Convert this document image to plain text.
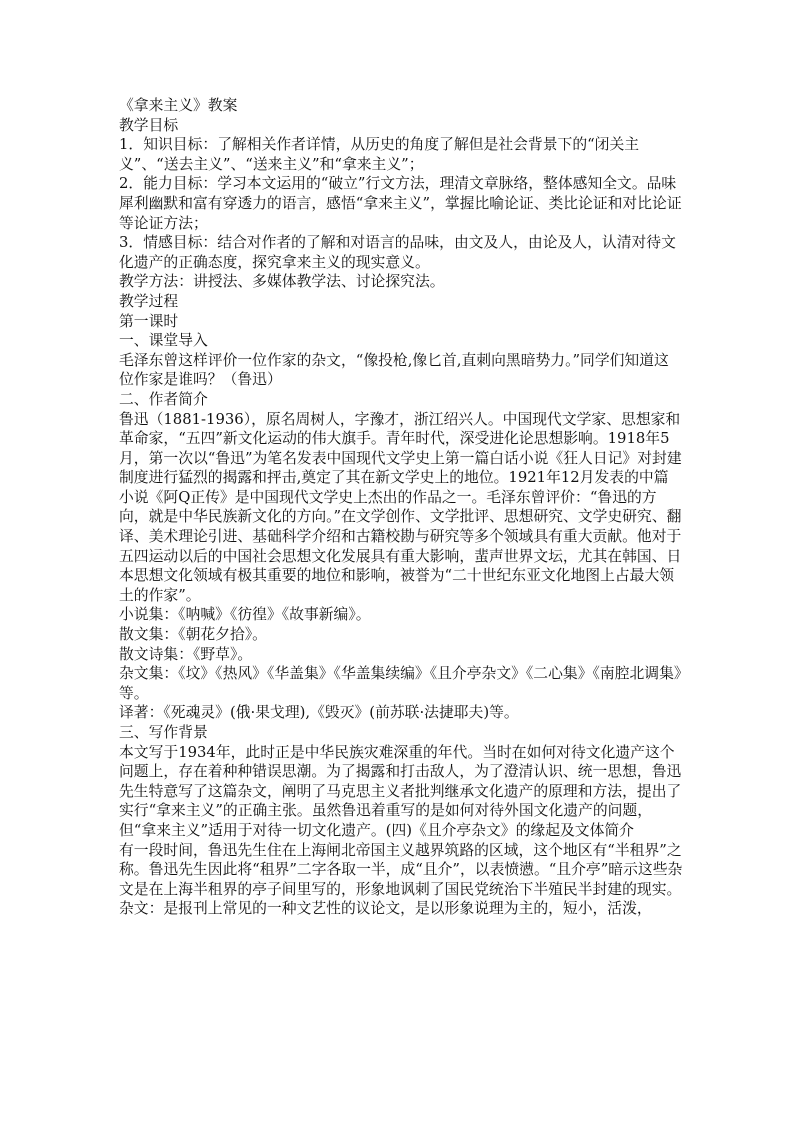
《拿来主义》教案

教学目标

1．知识目标：了解相关作者详情，从历史的角度了解但是社会背景下的“闭关主义”、“送去主义”、“送来主义”和“拿来主义”；

2．能力目标：学习本文运用的“破立”行文方法，理清文章脉络，整体感知全文。品味犀利幽默和富有穿透力的语言，感悟“拿来主义”，掌握比喻论证、类比论证和对比论证等论证方法；

3．情感目标：结合对作者的了解和对语言的品味，由文及人，由论及人，认清对待文化遗产的正确态度，探究拿来主义的现实意义。

教学方法：讲授法、多媒体教学法、讨论探究法。

教学过程

第一课时

一、课堂导入

毛泽东曾这样评价一位作家的杂文，“像投枪,像匕首,直刺向黑暗势力。”同学们知道这位作家是谁吗？（鲁迅）

二、作者简介

鲁迅（1881-1936），原名周树人，字豫才，浙江绍兴人。中国现代文学家、思想家和革命家，“五四”新文化运动的伟大旗手。青年时代，深受进化论思想影响。1918年5月，第一次以“鲁迅”为笔名发表中国现代文学史上第一篇白话小说《狂人日记》对封建制度进行猛烈的揭露和抨击,奠定了其在新文学史上的地位。1921年12月发表的中篇小说《阿Q正传》是中国现代文学史上杰出的作品之一。毛泽东曾评价：“鲁迅的方向，就是中华民族新文化的方向。”在文学创作、文学批评、思想研究、文学史研究、翻译、美术理论引进、基础科学介绍和古籍校勘与研究等多个领域具有重大贡献。他对于五四运动以后的中国社会思想文化发展具有重大影响，蜚声世界文坛，尤其在韩国、日本思想文化领域有极其重要的地位和影响，被誉为“二十世纪东亚文化地图上占最大领土的作家”。

小说集：《呐喊》《彷徨》《故事新编》。

散文集：《朝花夕拾》。

散文诗集：《野草》。

杂文集：《坟》《热风》《华盖集》《华盖集续编》《且介亭杂文》《二心集》《南腔北调集》等。

译著：《死魂灵》(俄·果戈理),《毁灭》(前苏联·法捷耶夫)等。

三、写作背景

本文写于1934年，此时正是中华民族灾难深重的年代。当时在如何对待文化遗产这个问题上，存在着种种错误思潮。为了揭露和打击敌人，为了澄清认识、统一思想，鲁迅先生特意写了这篇杂文，阐明了马克思主义者批判继承文化遗产的原理和方法，提出了实行“拿来主义”的正确主张。虽然鲁迅着重写的是如何对待外国文化遗产的问题，但“拿来主义”适用于对待一切文化遗产。(四)《且介亭杂文》的缘起及文体简介

有一段时间，鲁迅先生住在上海闸北帝国主义越界筑路的区域，这个地区有“半租界”之称。鲁迅先生因此将“租界”二字各取一半，成“且介”，以表愤懑。“且介亭”暗示这些杂文是在上海半租界的亭子间里写的，形象地讽刺了国民党统治下半殖民半封建的现实。

杂文：是报刊上常见的一种文艺性的议论文，是以形象说理为主的，短小，活泼，
